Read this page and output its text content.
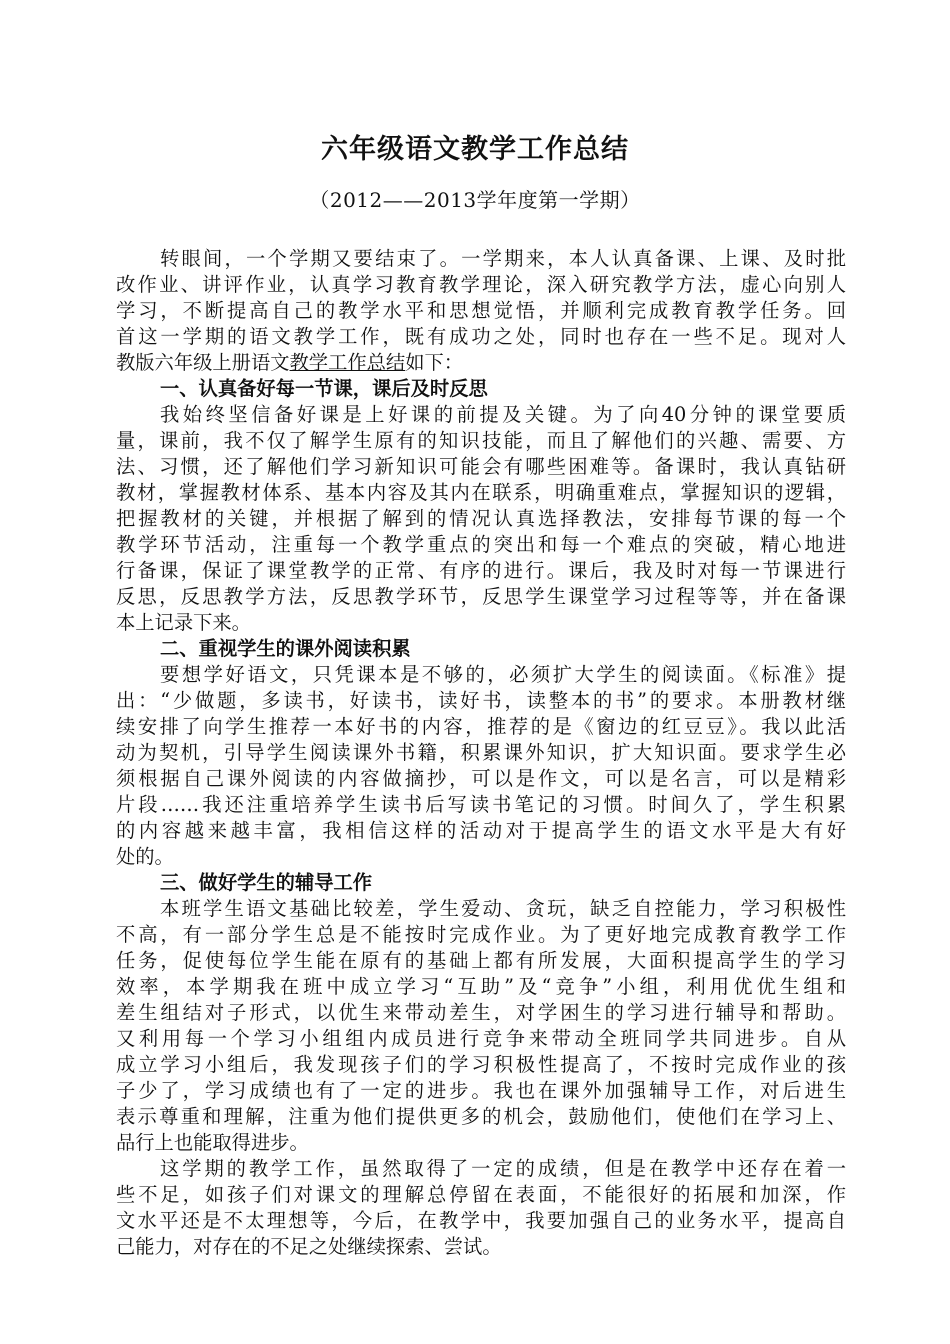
六年级语文教学工作总结
（2012——2013学年度第一学期）
转眼间，一个学期又要结束了。一学期来，本人认真备课、上课、及时批
改作业、讲评作业，认真学习教育教学理论，深入研究教学方法，虚心向别人
学习，不断提高自己的教学水平和思想觉悟，并顺利完成教育教学任务。回
首这一学期的语文教学工作，既有成功之处，同时也存在一些不足。现对人
教版六年级上册语文教学工作总结如下：
一、认真备好每一节课，课后及时反思
我始终坚信备好课是上好课的前提及关键。为了向40分钟的课堂要质
量，课前，我不仅了解学生原有的知识技能，而且了解他们的兴趣、需要、方
法、习惯，还了解他们学习新知识可能会有哪些困难等。备课时，我认真钻研
教材，掌握教材体系、基本内容及其内在联系，明确重难点，掌握知识的逻辑，
把握教材的关键，并根据了解到的情况认真选择教法，安排每节课的每一个
教学环节活动，注重每一个教学重点的突出和每一个难点的突破，精心地进
行备课，保证了课堂教学的正常、有序的进行。课后，我及时对每一节课进行
反思，反思教学方法，反思教学环节，反思学生课堂学习过程等等，并在备课
本上记录下来。
二、重视学生的课外阅读积累
要想学好语文，只凭课本是不够的，必须扩大学生的阅读面。《标准》提
出：“少做题，多读书，好读书，读好书，读整本的书”的要求。本册教材继
续安排了向学生推荐一本好书的内容，推荐的是《窗边的红豆豆》。我以此活
动为契机，引导学生阅读课外书籍，积累课外知识，扩大知识面。要求学生必
须根据自己课外阅读的内容做摘抄，可以是作文，可以是名言，可以是精彩
片段……我还注重培养学生读书后写读书笔记的习惯。时间久了，学生积累
的内容越来越丰富，我相信这样的活动对于提高学生的语文水平是大有好
处的。
三、做好学生的辅导工作
本班学生语文基础比较差，学生爱动、贪玩，缺乏自控能力，学习积极性
不高，有一部分学生总是不能按时完成作业。为了更好地完成教育教学工作
任务，促使每位学生能在原有的基础上都有所发展，大面积提高学生的学习
效率，本学期我在班中成立学习“互助”及“竞争”小组，利用优优生组和
差生组结对子形式，以优生来带动差生，对学困生的学习进行辅导和帮助。
又利用每一个学习小组组内成员进行竞争来带动全班同学共同进步。自从
成立学习小组后，我发现孩子们的学习积极性提高了，不按时完成作业的孩
子少了，学习成绩也有了一定的进步。我也在课外加强辅导工作，对后进生
表示尊重和理解，注重为他们提供更多的机会，鼓励他们，使他们在学习上、
品行上也能取得进步。
这学期的教学工作，虽然取得了一定的成绩，但是在教学中还存在着一
些不足，如孩子们对课文的理解总停留在表面，不能很好的拓展和加深，作
文水平还是不太理想等，今后，在教学中，我要加强自己的业务水平，提高自
己能力，对存在的不足之处继续探索、尝试。
